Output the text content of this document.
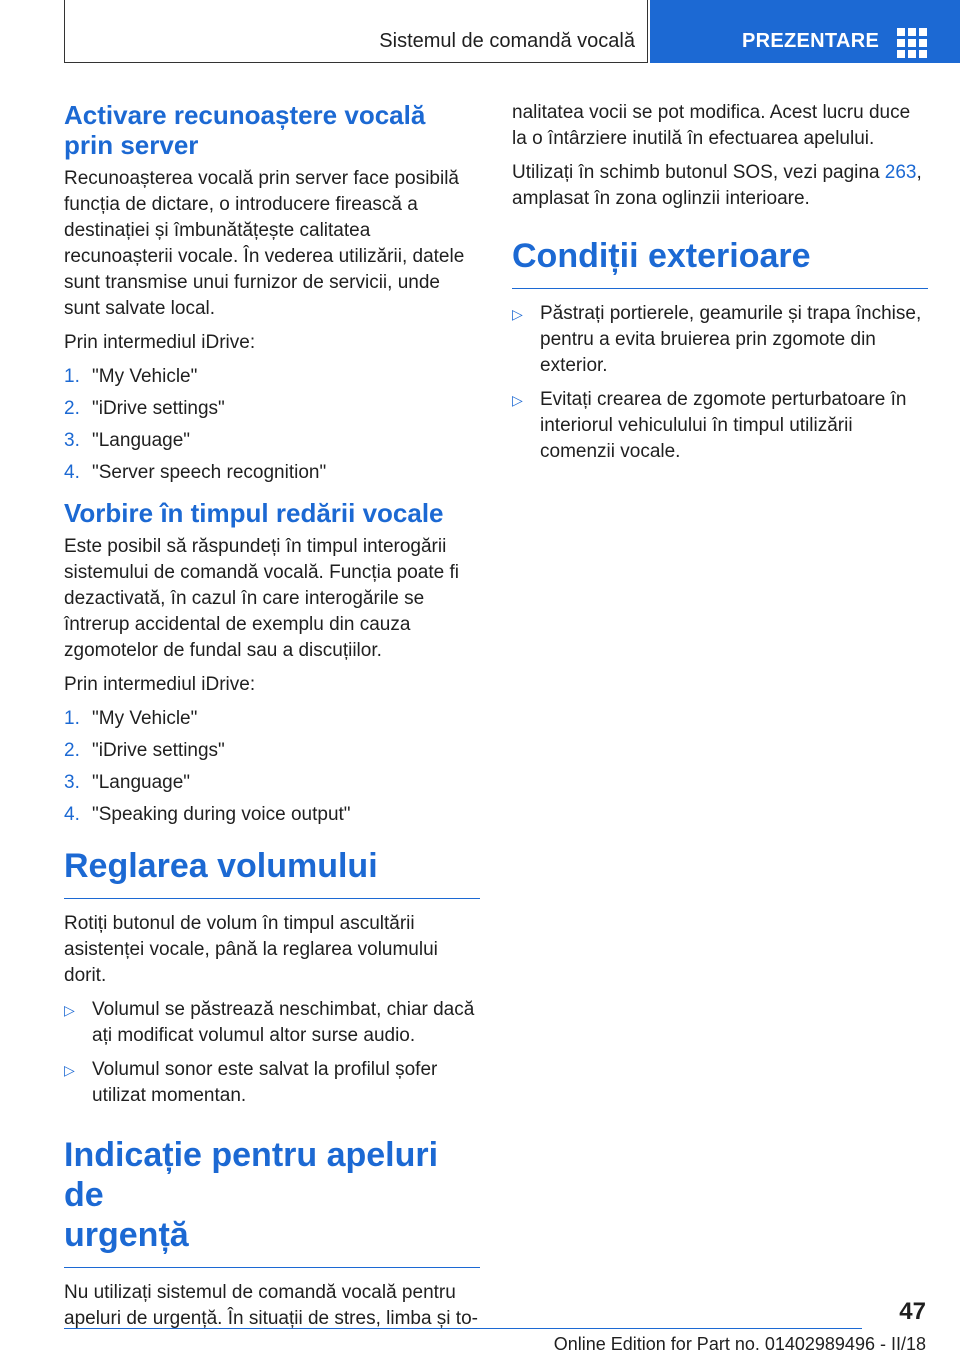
Sistemul de comandă vocală	PREZENTARE
Activare recunoaștere vocală
prin server

Recunoașterea vocală prin server face posibilă funcția de dictare, o introducere firească a destinației și îmbunătățește calitatea recunoașterii vocale. În vederea utilizării, datele sunt transmise unui furnizor de servicii, unde sunt salvate local.

Prin intermediul iDrive:

1. "My Vehicle"
2. "iDrive settings"
3. "Language"
4. "Server speech recognition"
Vorbire în timpul redării vocale

Este posibil să răspundeți în timpul interogării sistemului de comandă vocală. Funcția poate fi dezactivată, în cazul în care interogările se întrerup accidental de exemplu din cauza zgomotelor de fundal sau a discuțiilor.

Prin intermediul iDrive:

1. "My Vehicle"
2. "iDrive settings"
3. "Language"
4. "Speaking during voice output"
Reglarea volumului

Rotiți butonul de volum în timpul ascultării asistenței vocale, până la reglarea volumului dorit.

▷ Volumul se păstrează neschimbat, chiar dacă ați modificat volumul altor surse audio.
▷ Volumul sonor este salvat la profilul șofer utilizat momentan.
Indicație pentru apeluri de
urgență

Nu utilizați sistemul de comandă vocală pentru apeluri de urgență. În situații de stres, limba și to-

nalitatea vocii se pot modifica. Acest lucru duce la o întârziere inutilă în efectuarea apelului.

Utilizați în schimb butonul SOS, vezi pagina 263, amplasat în zona oglinzii interioare.

Condiții exterioare
▷ Păstrați portierele, geamurile și trapa închise, pentru a evita bruierea prin zgomote din exterior.
▷ Evitați crearea de zgomote perturbatoare în interiorul vehiculului în timpul utilizării comenzii vocale.
47
Online Edition for Part no. 01402989496 - II/18
